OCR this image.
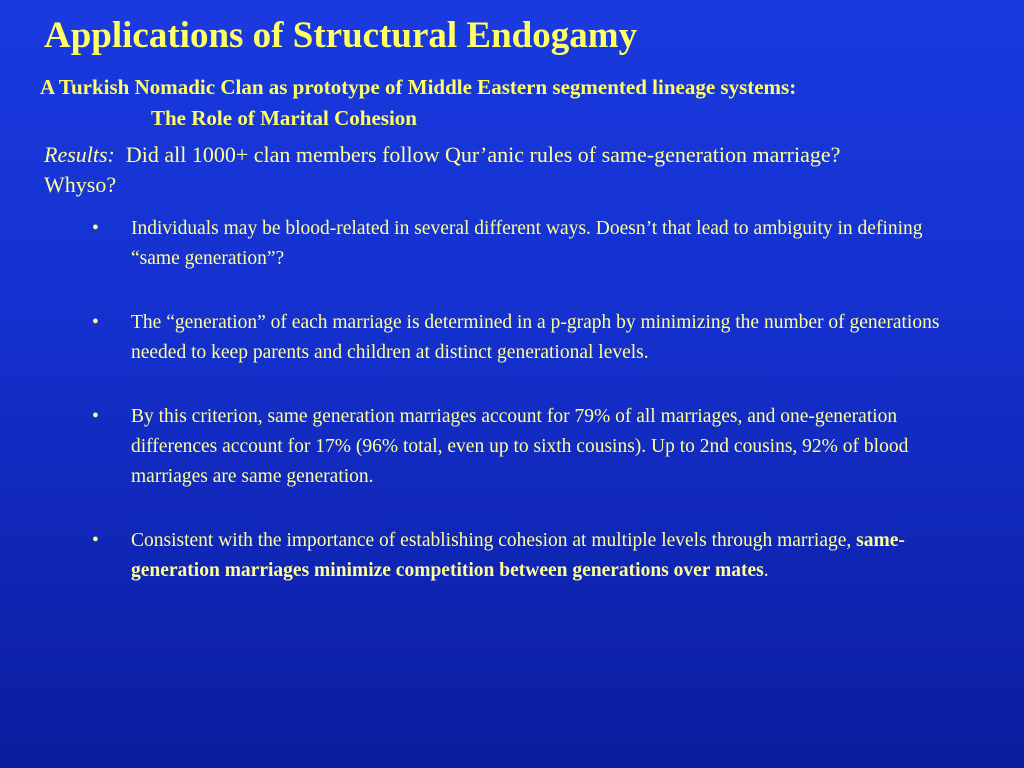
Applications of Structural Endogamy
A Turkish Nomadic Clan as prototype of Middle Eastern segmented lineage systems:
The Role of Marital Cohesion

Results: Did all 1000+ clan members follow Qur’anic rules of same-generation marriage? Whyso?

• Individuals may be blood-related in several different ways. Doesn’t that lead to ambiguity in defining “same generation”?
• The “generation” of each marriage is determined in a p-graph by minimizing the number of generations needed to keep parents and children at distinct generational levels.
• By this criterion, same generation marriages account for 79% of all marriages, and one-generation differences account for 17% (96% total, even up to sixth cousins). Up to 2nd cousins, 92% of blood marriages are same generation.
• Consistent with the importance of establishing cohesion at multiple levels through marriage, same-generation marriages minimize competition between generations over mates.
